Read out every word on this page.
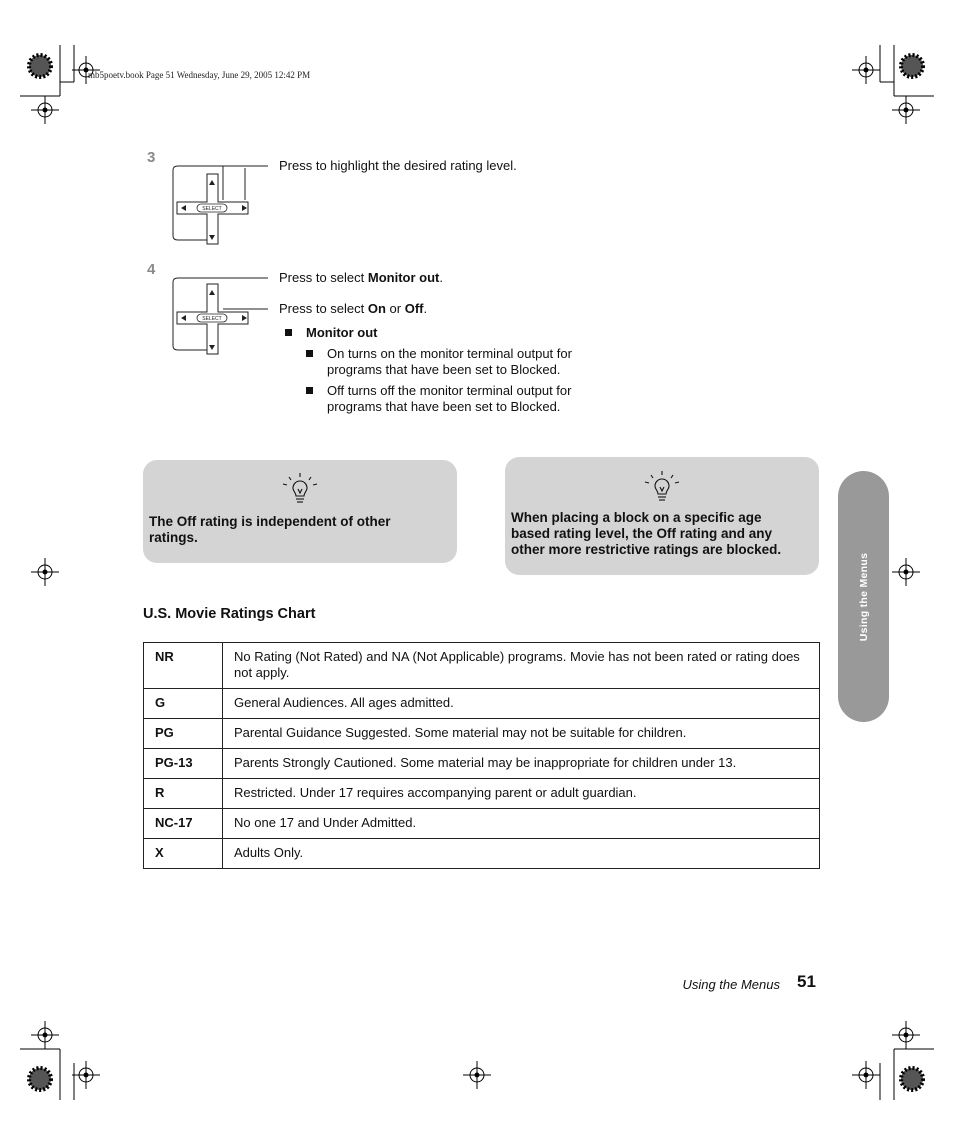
mb5poetv.book Page 51 Wednesday, June 29, 2005 12:42 PM
3
SELECT
Press to highlight the desired rating level.
4
SELECT
Press to select Monitor out.
Press to select On or Off.
Monitor out
On turns on the monitor terminal output for
programs that have been set to Blocked.
Off turns off the monitor terminal output for
programs that have been set to Blocked.
The Off rating is independent of other
ratings.
When placing a block on a specific age
based rating level, the Off rating and any
other more restrictive ratings are blocked.
U.S. Movie Ratings Chart
NR	No Rating (Not Rated) and NA (Not Applicable) programs. Movie has not been rated or rating does not apply.
G	General Audiences. All ages admitted.
PG	Parental Guidance Suggested. Some material may not be suitable for children.
PG-13	Parents Strongly Cautioned. Some material may be inappropriate for children under 13.
R	Restricted. Under 17 requires accompanying parent or adult guardian.
NC-17	No one 17 and Under Admitted.
X	Adults Only.
Using the Menus
Using the Menus 51
